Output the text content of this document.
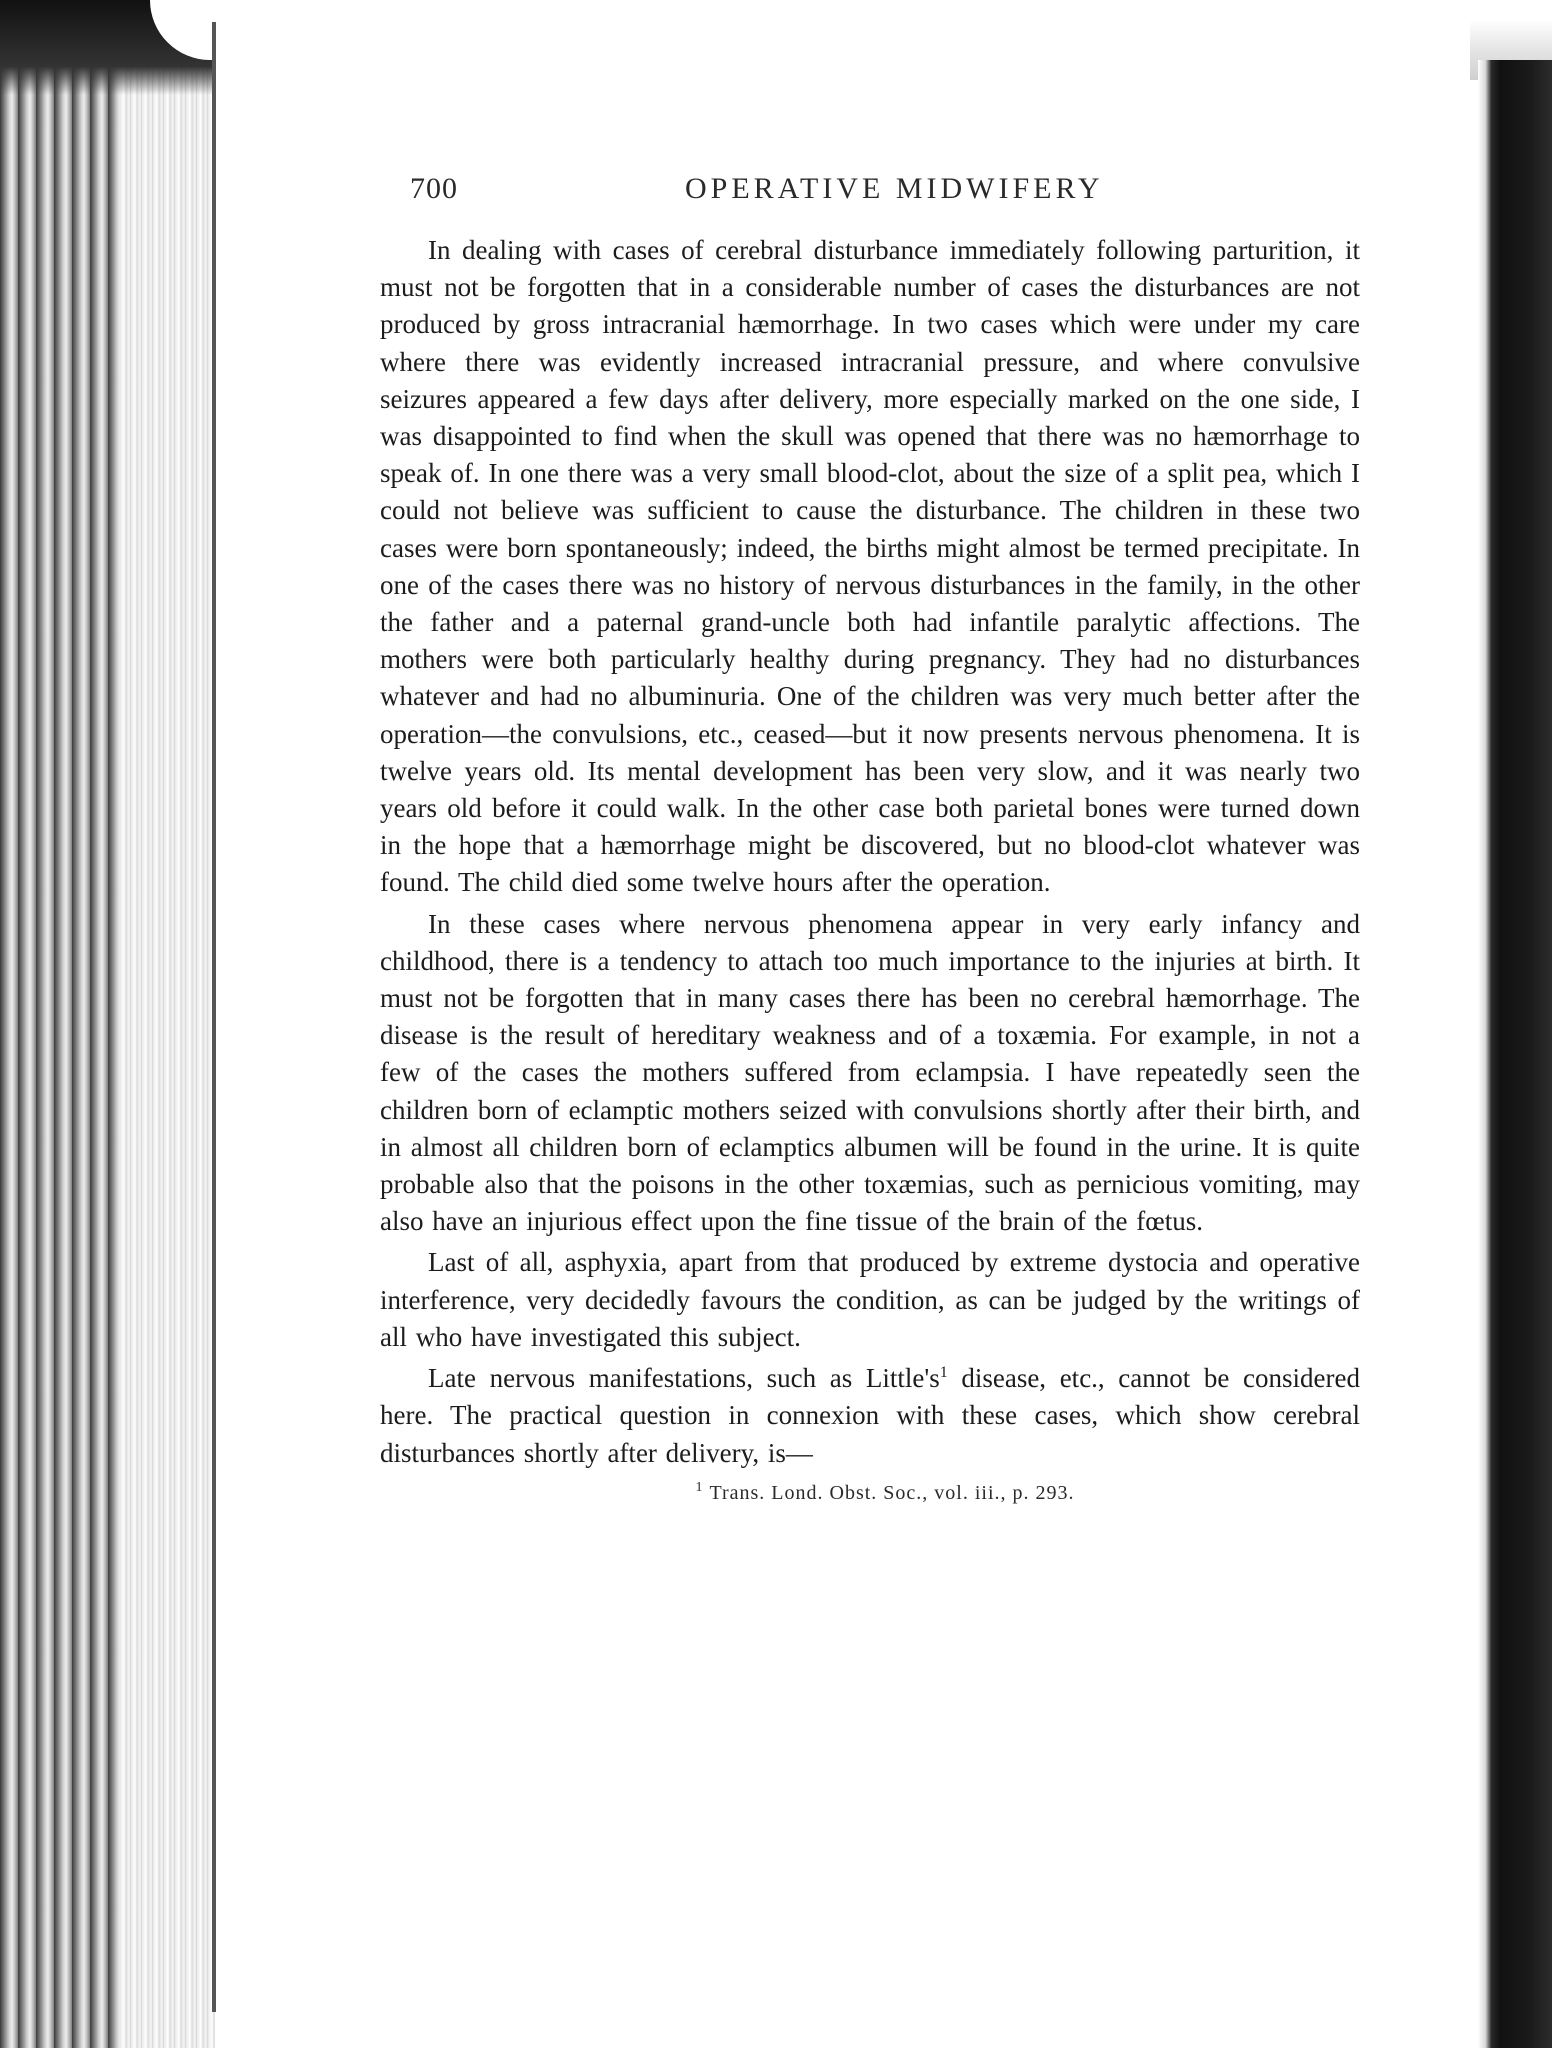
700	OPERATIVE MIDWIFERY

In dealing with cases of cerebral disturbance immediately following parturition, it must not be forgotten that in a considerable number of cases the disturbances are not produced by gross intracranial hæmorrhage. In two cases which were under my care where there was evidently increased intracranial pressure, and where convulsive seizures appeared a few days after delivery, more especially marked on the one side, I was disappointed to find when the skull was opened that there was no hæmorrhage to speak of. In one there was a very small blood-clot, about the size of a split pea, which I could not believe was sufficient to cause the disturbance. The children in these two cases were born spontaneously; indeed, the births might almost be termed precipitate. In one of the cases there was no history of nervous disturbances in the family, in the other the father and a paternal grand-uncle both had infantile paralytic affections. The mothers were both particularly healthy during pregnancy. They had no disturbances whatever and had no albuminuria. One of the children was very much better after the operation—the convulsions, etc., ceased—but it now presents nervous phenomena. It is twelve years old. Its mental development has been very slow, and it was nearly two years old before it could walk. In the other case both parietal bones were turned down in the hope that a hæmorrhage might be discovered, but no blood-clot whatever was found. The child died some twelve hours after the operation.

In these cases where nervous phenomena appear in very early infancy and childhood, there is a tendency to attach too much importance to the injuries at birth. It must not be forgotten that in many cases there has been no cerebral hæmorrhage. The disease is the result of hereditary weakness and of a toxæmia. For example, in not a few of the cases the mothers suffered from eclampsia. I have repeatedly seen the children born of eclamptic mothers seized with convulsions shortly after their birth, and in almost all children born of eclamptics albumen will be found in the urine. It is quite probable also that the poisons in the other toxæmias, such as pernicious vomiting, may also have an injurious effect upon the fine tissue of the brain of the fœtus.

Last of all, asphyxia, apart from that produced by extreme dystocia and operative interference, very decidedly favours the condition, as can be judged by the writings of all who have investigated this subject.

Late nervous manifestations, such as Little's$^1$ disease, etc., cannot be considered here. The practical question in connexion with these cases, which show cerebral disturbances shortly after delivery, is—

$^1$ Trans. Lond. Obst. Soc., vol. iii., p. 293.
